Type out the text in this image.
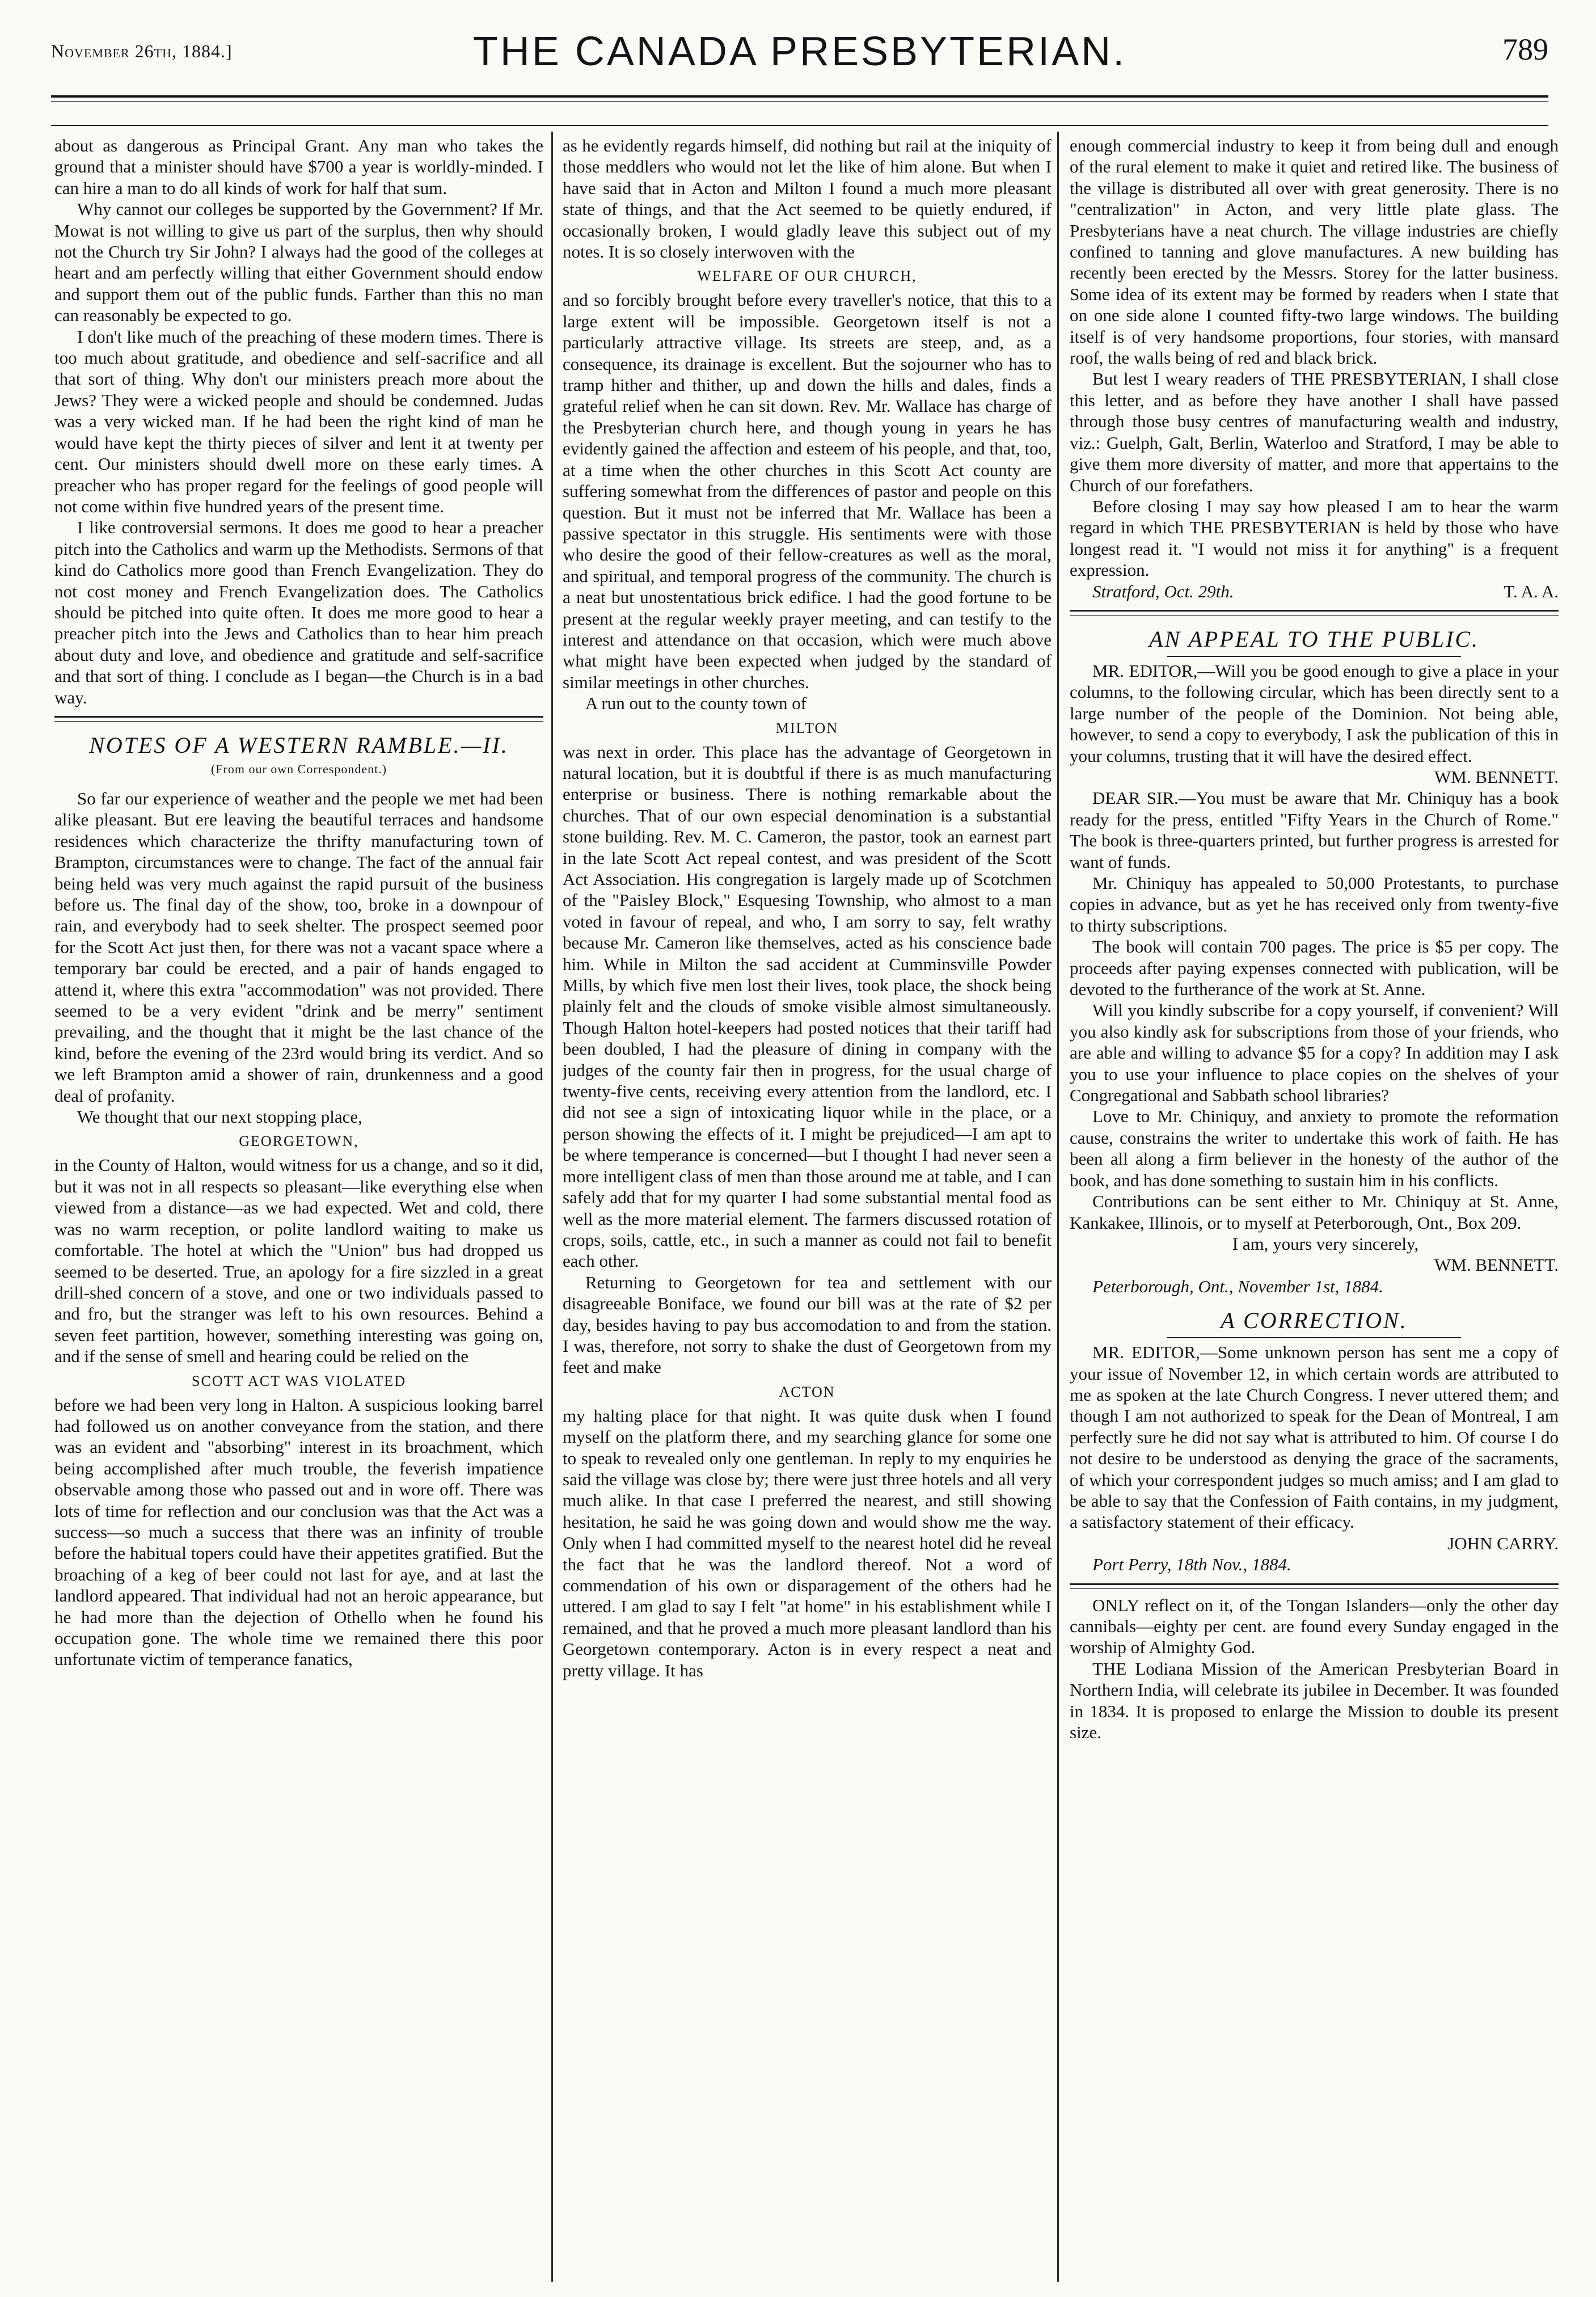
November 26th, 1884.]	THE CANADA PRESBYTERIAN.	789

about as dangerous as Principal Grant. Any man who takes the ground that a minister should have $700 a year is worldly-minded. I can hire a man to do all kinds of work for half that sum.

Why cannot our colleges be supported by the Government? If Mr. Mowat is not willing to give us part of the surplus, then why should not the Church try Sir John? I always had the good of the colleges at heart and am perfectly willing that either Government should endow and support them out of the public funds. Farther than this no man can reasonably be expected to go.

I don't like much of the preaching of these modern times. There is too much about gratitude, and obedience and self-sacrifice and all that sort of thing. Why don't our ministers preach more about the Jews? They were a wicked people and should be condemned. Judas was a very wicked man. If he had been the right kind of man he would have kept the thirty pieces of silver and lent it at twenty per cent. Our ministers should dwell more on these early times. A preacher who has proper regard for the feelings of good people will not come within five hundred years of the present time.

I like controversial sermons. It does me good to hear a preacher pitch into the Catholics and warm up the Methodists. Sermons of that kind do Catholics more good than French Evangelization. They do not cost money and French Evangelization does. The Catholics should be pitched into quite often. It does me more good to hear a preacher pitch into the Jews and Catholics than to hear him preach about duty and love, and obedience and gratitude and self-sacrifice and that sort of thing. I conclude as I began—the Church is in a bad way.

NOTES OF A WESTERN RAMBLE.—II.
(From our own Correspondent.)

So far our experience of weather and the people we met had been alike pleasant. But ere leaving the beautiful terraces and handsome residences which characterize the thrifty manufacturing town of Brampton, circumstances were to change. The fact of the annual fair being held was very much against the rapid pursuit of the business before us. The final day of the show, too, broke in a downpour of rain, and everybody had to seek shelter. The prospect seemed poor for the Scott Act just then, for there was not a vacant space where a temporary bar could be erected, and a pair of hands engaged to attend it, where this extra "accommodation" was not provided. There seemed to be a very evident "drink and be merry" sentiment prevailing, and the thought that it might be the last chance of the kind, before the evening of the 23rd would bring its verdict. And so we left Brampton amid a shower of rain, drunkenness and a good deal of profanity.

We thought that our next stopping place,

GEORGETOWN,

in the County of Halton, would witness for us a change, and so it did, but it was not in all respects so pleasant—like everything else when viewed from a distance—as we had expected. Wet and cold, there was no warm reception, or polite landlord waiting to make us comfortable. The hotel at which the "Union" bus had dropped us seemed to be deserted. True, an apology for a fire sizzled in a great drill-shed concern of a stove, and one or two individuals passed to and fro, but the stranger was left to his own resources. Behind a seven feet partition, however, something interesting was going on, and if the sense of smell and hearing could be relied on the

SCOTT ACT WAS VIOLATED

before we had been very long in Halton. A suspicious looking barrel had followed us on another conveyance from the station, and there was an evident and "absorbing" interest in its broachment, which being accomplished after much trouble, the feverish impatience observable among those who passed out and in wore off. There was lots of time for reflection and our conclusion was that the Act was a success—so much a success that there was an infinity of trouble before the habitual topers could have their appetites gratified. But the broaching of a keg of beer could not last for aye, and at last the landlord appeared. That individual had not an heroic appearance, but he had more than the dejection of Othello when he found his occupation gone. The whole time we remained there this poor unfortunate victim of temperance fanatics,

as he evidently regards himself, did nothing but rail at the iniquity of those meddlers who would not let the like of him alone. But when I have said that in Acton and Milton I found a much more pleasant state of things, and that the Act seemed to be quietly endured, if occasionally broken, I would gladly leave this subject out of my notes. It is so closely interwoven with the

WELFARE OF OUR CHURCH,

and so forcibly brought before every traveller's notice, that this to a large extent will be impossible. Georgetown itself is not a particularly attractive village. Its streets are steep, and, as a consequence, its drainage is excellent. But the sojourner who has to tramp hither and thither, up and down the hills and dales, finds a grateful relief when he can sit down. Rev. Mr. Wallace has charge of the Presbyterian church here, and though young in years he has evidently gained the affection and esteem of his people, and that, too, at a time when the other churches in this Scott Act county are suffering somewhat from the differences of pastor and people on this question. But it must not be inferred that Mr. Wallace has been a passive spectator in this struggle. His sentiments were with those who desire the good of their fellow-creatures as well as the moral, and spiritual, and temporal progress of the community. The church is a neat but unostentatious brick edifice. I had the good fortune to be present at the regular weekly prayer meeting, and can testify to the interest and attendance on that occasion, which were much above what might have been expected when judged by the standard of similar meetings in other churches.

A run out to the county town of

MILTON

was next in order. This place has the advantage of Georgetown in natural location, but it is doubtful if there is as much manufacturing enterprise or business. There is nothing remarkable about the churches. That of our own especial denomination is a substantial stone building. Rev. M. C. Cameron, the pastor, took an earnest part in the late Scott Act repeal contest, and was president of the Scott Act Association. His congregation is largely made up of Scotchmen of the "Paisley Block," Esquesing Township, who almost to a man voted in favour of repeal, and who, I am sorry to say, felt wrathy because Mr. Cameron like themselves, acted as his conscience bade him. While in Milton the sad accident at Cumminsville Powder Mills, by which five men lost their lives, took place, the shock being plainly felt and the clouds of smoke visible almost simultaneously. Though Halton hotel-keepers had posted notices that their tariff had been doubled, I had the pleasure of dining in company with the judges of the county fair then in progress, for the usual charge of twenty-five cents, receiving every attention from the landlord, etc. I did not see a sign of intoxicating liquor while in the place, or a person showing the effects of it. I might be prejudiced—I am apt to be where temperance is concerned—but I thought I had never seen a more intelligent class of men than those around me at table, and I can safely add that for my quarter I had some substantial mental food as well as the more material element. The farmers discussed rotation of crops, soils, cattle, etc., in such a manner as could not fail to benefit each other.

Returning to Georgetown for tea and settlement with our disagreeable Boniface, we found our bill was at the rate of $2 per day, besides having to pay bus accomodation to and from the station. I was, therefore, not sorry to shake the dust of Georgetown from my feet and make

ACTON

my halting place for that night. It was quite dusk when I found myself on the platform there, and my searching glance for some one to speak to revealed only one gentleman. In reply to my enquiries he said the village was close by; there were just three hotels and all very much alike. In that case I preferred the nearest, and still showing hesitation, he said he was going down and would show me the way. Only when I had committed myself to the nearest hotel did he reveal the fact that he was the landlord thereof. Not a word of commendation of his own or disparagement of the others had he uttered. I am glad to say I felt "at home" in his establishment while I remained, and that he proved a much more pleasant landlord than his Georgetown contemporary. Acton is in every respect a neat and pretty village. It has

enough commercial industry to keep it from being dull and enough of the rural element to make it quiet and retired like. The business of the village is distributed all over with great generosity. There is no "centralization" in Acton, and very little plate glass. The Presbyterians have a neat church. The village industries are chiefly confined to tanning and glove manufactures. A new building has recently been erected by the Messrs. Storey for the latter business. Some idea of its extent may be formed by readers when I state that on one side alone I counted fifty-two large windows. The building itself is of very handsome proportions, four stories, with mansard roof, the walls being of red and black brick.

But lest I weary readers of THE PRESBYTERIAN, I shall close this letter, and as before they have another I shall have passed through those busy centres of manufacturing wealth and industry, viz.: Guelph, Galt, Berlin, Waterloo and Stratford, I may be able to give them more diversity of matter, and more that appertains to the Church of our forefathers.

Before closing I may say how pleased I am to hear the warm regard in which THE PRESBYTERIAN is held by those who have longest read it. "I would not miss it for anything" is a frequent expression.

Stratford, Oct. 29th.	T. A. A.
AN APPEAL TO THE PUBLIC.

MR. EDITOR,—Will you be good enough to give a place in your columns, to the following circular, which has been directly sent to a large number of the people of the Dominion. Not being able, however, to send a copy to everybody, I ask the publication of this in your columns, trusting that it will have the desired effect.

WM. BENNETT.

DEAR SIR.—You must be aware that Mr. Chiniquy has a book ready for the press, entitled "Fifty Years in the Church of Rome." The book is three-quarters printed, but further progress is arrested for want of funds.

Mr. Chiniquy has appealed to 50,000 Protestants, to purchase copies in advance, but as yet he has received only from twenty-five to thirty subscriptions.

The book will contain 700 pages. The price is $5 per copy. The proceeds after paying expenses connected with publication, will be devoted to the furtherance of the work at St. Anne.

Will you kindly subscribe for a copy yourself, if convenient? Will you also kindly ask for subscriptions from those of your friends, who are able and willing to advance $5 for a copy? In addition may I ask you to use your influence to place copies on the shelves of your Congregational and Sabbath school libraries?

Love to Mr. Chiniquy, and anxiety to promote the reformation cause, constrains the writer to undertake this work of faith. He has been all along a firm believer in the honesty of the author of the book, and has done something to sustain him in his conflicts.

Contributions can be sent either to Mr. Chiniquy at St. Anne, Kankakee, Illinois, or to myself at Peterborough, Ont., Box 209.

I am, yours very sincerely,

WM. BENNETT.

Peterborough, Ont., November 1st, 1884.

A CORRECTION.

MR. EDITOR,—Some unknown person has sent me a copy of your issue of November 12, in which certain words are attributed to me as spoken at the late Church Congress. I never uttered them; and though I am not authorized to speak for the Dean of Montreal, I am perfectly sure he did not say what is attributed to him. Of course I do not desire to be understood as denying the grace of the sacraments, of which your correspondent judges so much amiss; and I am glad to be able to say that the Confession of Faith contains, in my judgment, a satisfactory statement of their efficacy.

JOHN CARRY.

Port Perry, 18th Nov., 1884.

ONLY reflect on it, of the Tongan Islanders—only the other day cannibals—eighty per cent. are found every Sunday engaged in the worship of Almighty God.

THE Lodiana Mission of the American Presbyterian Board in Northern India, will celebrate its jubilee in December. It was founded in 1834. It is proposed to enlarge the Mission to double its present size.
